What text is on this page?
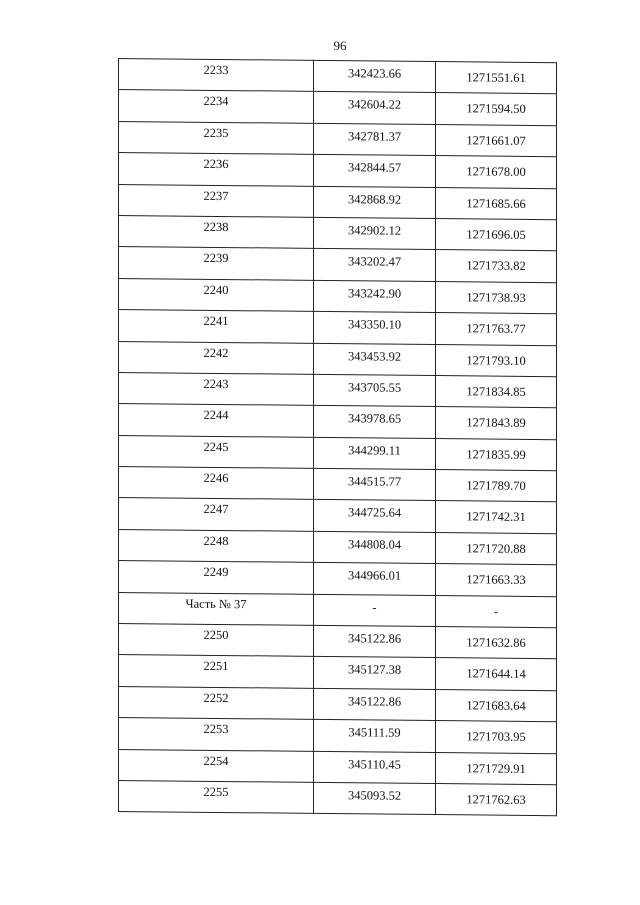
96
2233	342423.66	1271551.61
2234	342604.22	1271594.50
2235	342781.37	1271661.07
2236	342844.57	1271678.00
2237	342868.92	1271685.66
2238	342902.12	1271696.05
2239	343202.47	1271733.82
2240	343242.90	1271738.93
2241	343350.10	1271763.77
2242	343453.92	1271793.10
2243	343705.55	1271834.85
2244	343978.65	1271843.89
2245	344299.11	1271835.99
2246	344515.77	1271789.70
2247	344725.64	1271742.31
2248	344808.04	1271720.88
2249	344966.01	1271663.33
Часть № 37	-	-
2250	345122.86	1271632.86
2251	345127.38	1271644.14
2252	345122.86	1271683.64
2253	345111.59	1271703.95
2254	345110.45	1271729.91
2255	345093.52	1271762.63
